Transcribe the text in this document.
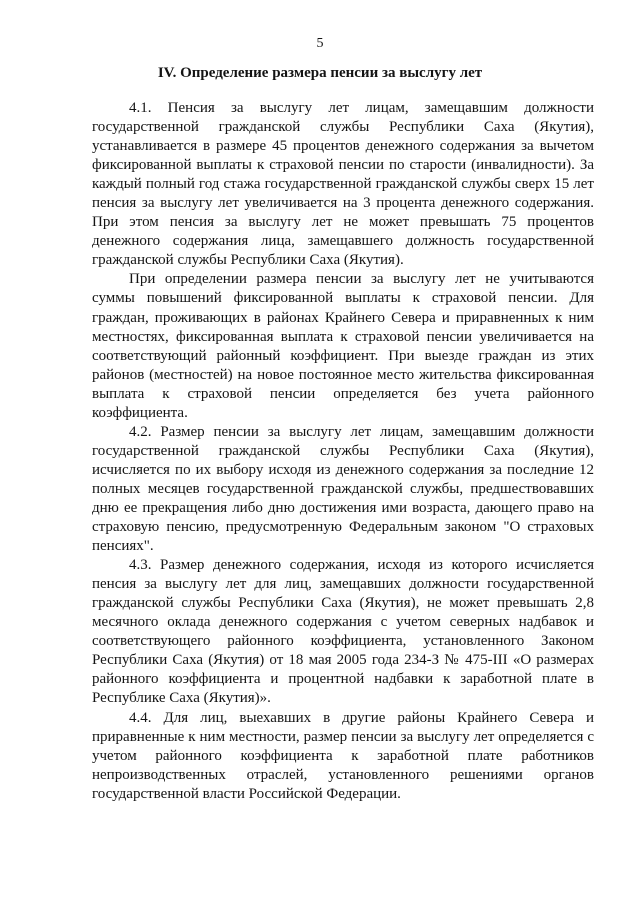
5
IV. Определение размера пенсии за выслугу лет

4.1. Пенсия за выслугу лет лицам, замещавшим должности государственной гражданской службы Республики Саха (Якутия), устанавливается в размере 45 процентов денежного содержания за вычетом фиксированной выплаты к страховой пенсии по старости (инвалидности). За каждый полный год стажа государственной гражданской службы сверх 15 лет пенсия за выслугу лет увеличивается на 3 процента денежного содержания. При этом пенсия за выслугу лет не может превышать 75 процентов денежного содержания лица, замещавшего должность государственной гражданской службы Республики Саха (Якутия).

При определении размера пенсии за выслугу лет не учитываются суммы повышений фиксированной выплаты к страховой пенсии. Для граждан, проживающих в районах Крайнего Севера и приравненных к ним местностях, фиксированная выплата к страховой пенсии увеличивается на соответствующий районный коэффициент. При выезде граждан из этих районов (местностей) на новое постоянное место жительства фиксированная выплата к страховой пенсии определяется без учета районного коэффициента.

4.2. Размер пенсии за выслугу лет лицам, замещавшим должности государственной гражданской службы Республики Саха (Якутия), исчисляется по их выбору исходя из денежного содержания за последние 12 полных месяцев государственной гражданской службы, предшествовавших дню ее прекращения либо дню достижения ими возраста, дающего право на страховую пенсию, предусмотренную Федеральным законом "О страховых пенсиях".

4.3. Размер денежного содержания, исходя из которого исчисляется пенсия за выслугу лет для лиц, замещавших должности государственной гражданской службы Республики Саха (Якутия), не может превышать 2,8 месячного оклада денежного содержания с учетом северных надбавок и соответствующего районного коэффициента, установленного Законом Республики Саха (Якутия) от 18 мая 2005 года 234-З № 475-III «О размерах районного коэффициента и процентной надбавки к заработной плате в Республике Саха (Якутия)».

4.4. Для лиц, выехавших в другие районы Крайнего Севера и приравненные к ним местности, размер пенсии за выслугу лет определяется с учетом районного коэффициента к заработной плате работников непроизводственных отраслей, установленного решениями органов государственной власти Российской Федерации.
